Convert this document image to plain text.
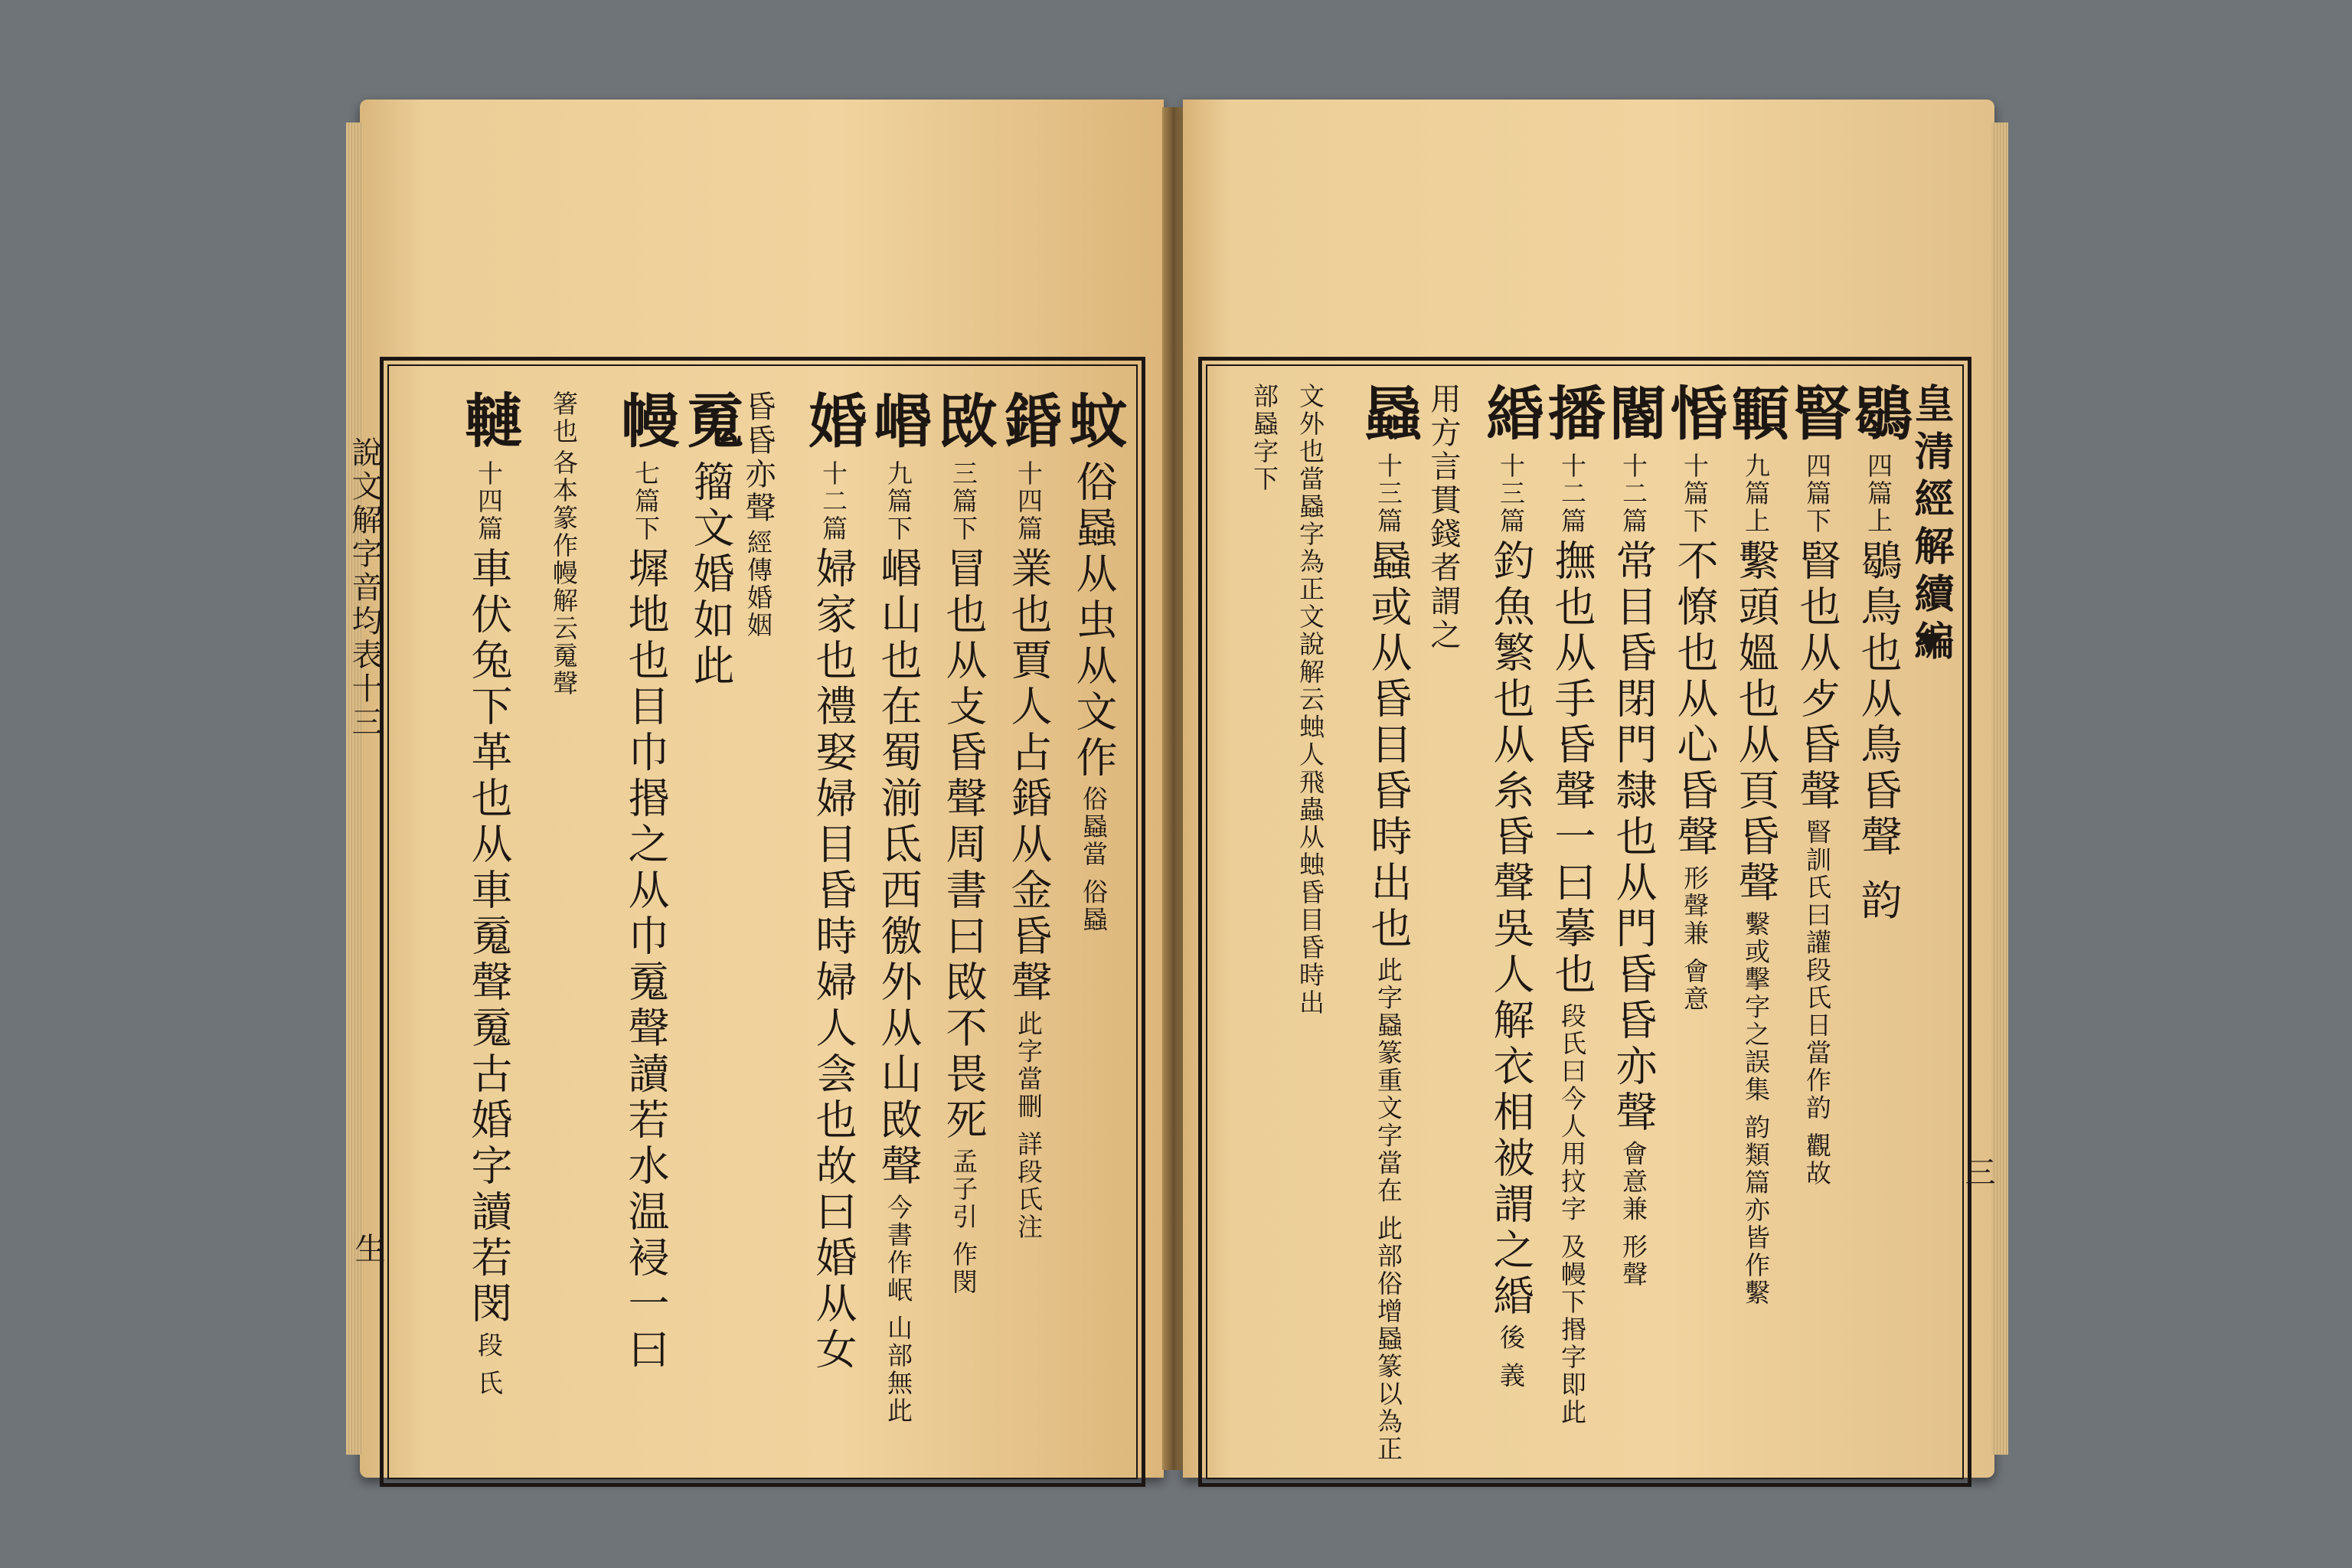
說文解字音均表十三
生
蚊 俗蟁从虫从文作 俗蟁當 俗蟁
錉 十四篇 業也賈人占錉从金昏聲 此字當刪 詳段氏注
敃 三篇下 冒也从攴昏聲周書曰敃不畏死 孟子引 作閔
㟭 九篇下 㟭山也在蜀湔氐西徼外从山敃聲 今書作岷 山部無此
婚 十二篇 婦家也禮娶婦目昏時婦人侌也故曰婚从女
昏昏亦聲 經傳婚姻
䰟 籀文婚如此
幔 七篇下 墀地也目巾㨉之从巾䰟聲讀若水温䘲一曰
箸也 各本篆作幔解云䰟聲
轋 十四篇 車伏兔下革也从車䰟聲䰟古婚字讀若閔 段 氏
皇清經解續編
三
鶡 四篇上 鶡鳥也从鳥昏聲 韵
䁂 四篇下 䁂也从歺昏聲 䁂訓氏曰讙段氏日當作䪨 觀故
顐 九篇上 繫頭媼也从頁昏聲 繫或擊字之誤集 韵類篇亦皆作繫
惛 十篇下 不憭也从心昏聲 形聲兼 會意
閽 十二篇 常目昏閉門隸也从門昏昏亦聲 會意兼 形聲
播 十二篇 撫也从手昏聲一曰摹也 段氏曰今人用抆字 及幔下㨉字即此
緍 十三篇 釣魚繁也从糸昏聲吳人解衣相被謂之緍 後 義
用方言貫錢者謂之
蟁 十三篇 蟁或从昏目昏時出也 此字蟁篆重文字當在 此部俗增蟁篆以為正
文外也當蟁字為正文說解云䖵人飛蟲从䖵昏目昏時出
部蟁字下
